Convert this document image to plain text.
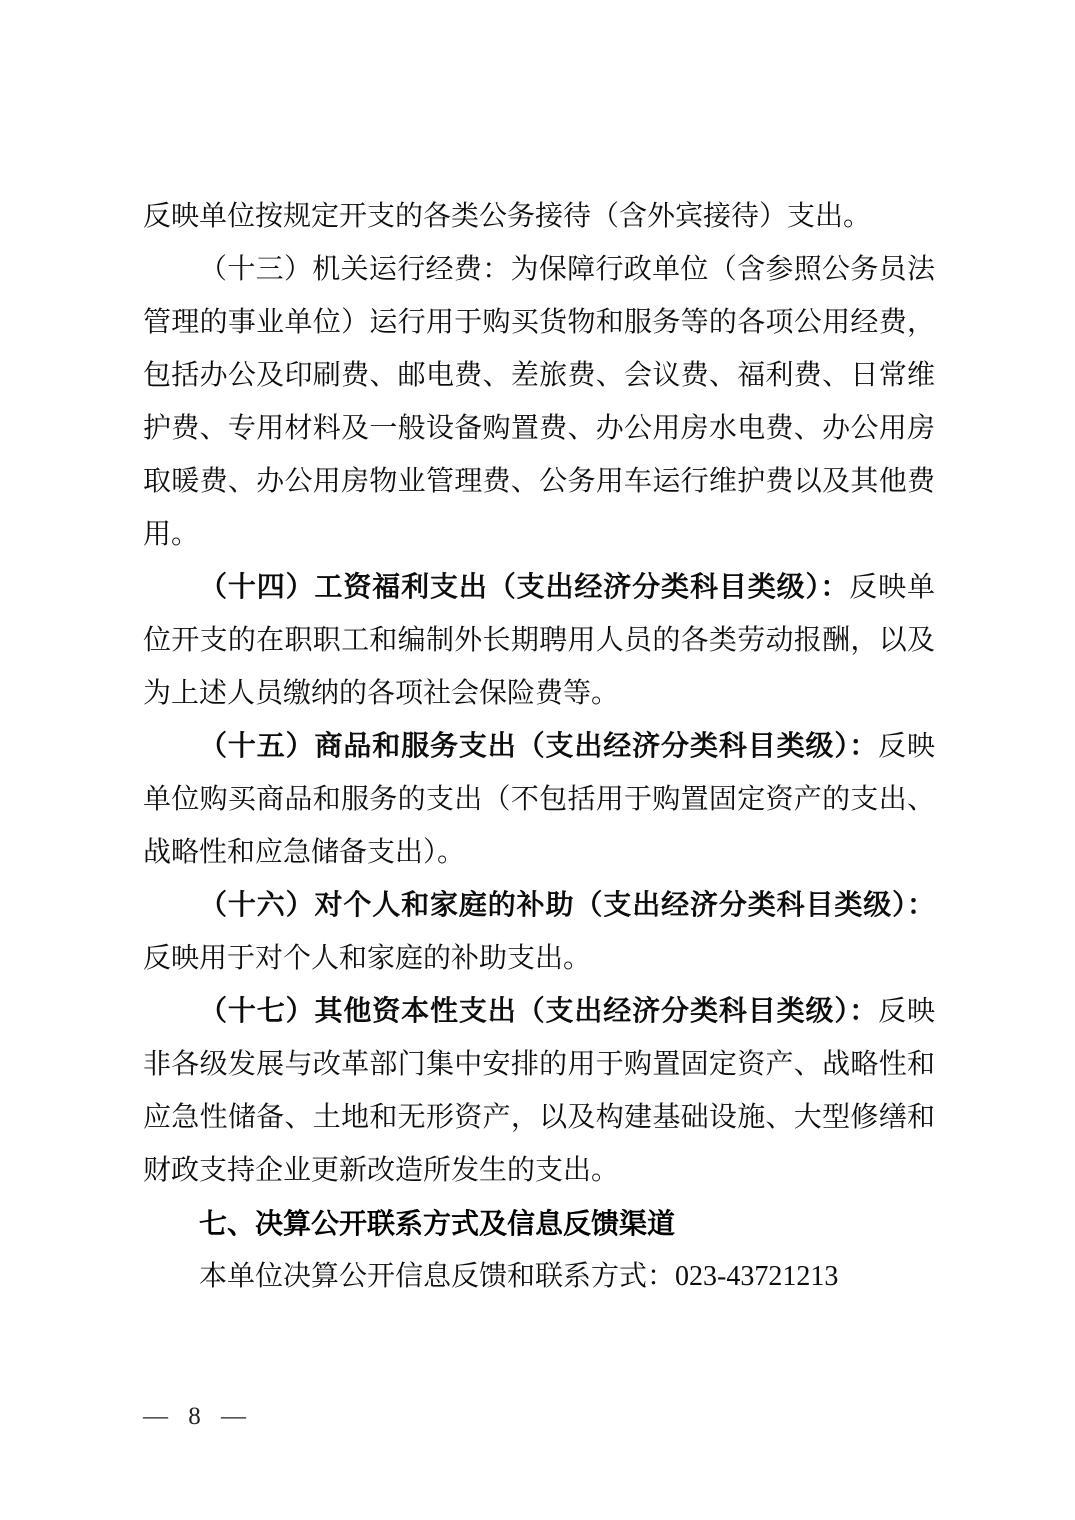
反映单位按规定开支的各类公务接待（含外宾接待）支出。

（十三）机关运行经费：为保障行政单位（含参照公务员法管理的事业单位）运行用于购买货物和服务等的各项公用经费，包括办公及印刷费、邮电费、差旅费、会议费、福利费、日常维护费、专用材料及一般设备购置费、办公用房水电费、办公用房取暖费、办公用房物业管理费、公务用车运行维护费以及其他费用。

（十四）工资福利支出（支出经济分类科目类级）：反映单位开支的在职职工和编制外长期聘用人员的各类劳动报酬，以及为上述人员缴纳的各项社会保险费等。

（十五）商品和服务支出（支出经济分类科目类级）：反映单位购买商品和服务的支出（不包括用于购置固定资产的支出、战略性和应急储备支出）。

（十六）对个人和家庭的补助（支出经济分类科目类级）：反映用于对个人和家庭的补助支出。

（十七）其他资本性支出（支出经济分类科目类级）：反映非各级发展与改革部门集中安排的用于购置固定资产、战略性和应急性储备、土地和无形资产，以及构建基础设施、大型修缮和财政支持企业更新改造所发生的支出。

七、决算公开联系方式及信息反馈渠道

本单位决算公开信息反馈和联系方式：023-43721213

— 8 —
